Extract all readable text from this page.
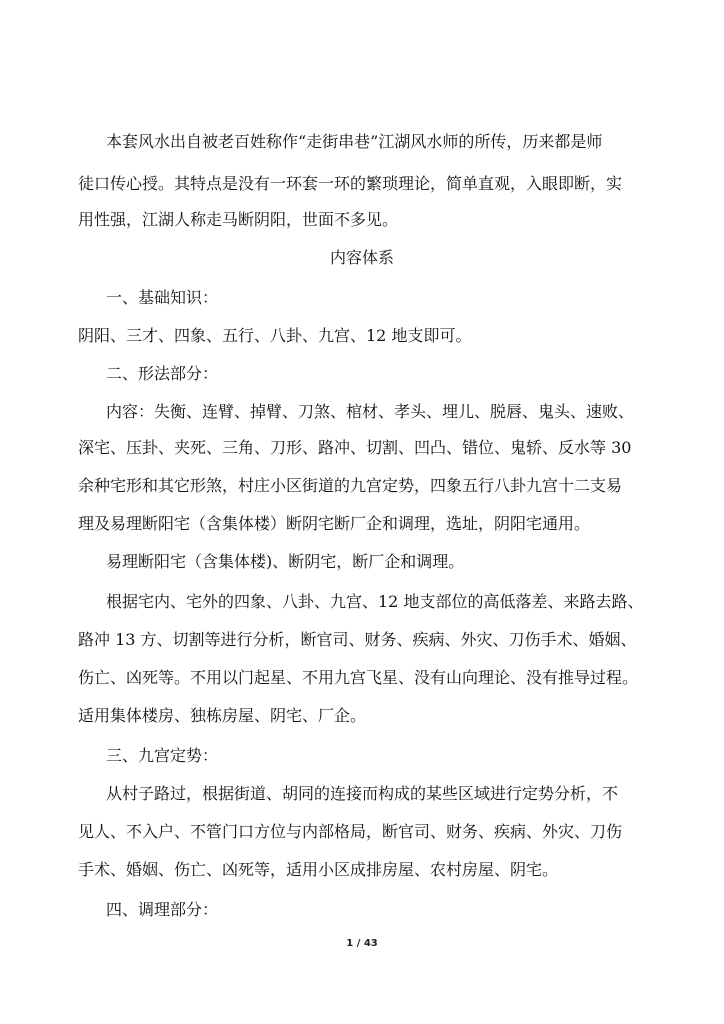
本套风水出自被老百姓称作“走街串巷”江湖风水师的所传，历来都是师
徒口传心授。其特点是没有一环套一环的繁琐理论，简单直观，入眼即断，实
用性强，江湖人称走马断阴阳，世面不多见。
内容体系
一、基础知识：
阴阳、三才、四象、五行、八卦、九宫、12 地支即可。
二、形法部分：
内容：失衡、连臂、掉臂、刀煞、棺材、孝头、埋儿、脱唇、鬼头、速败、
深宅、压卦、夹死、三角、刀形、路冲、切割、凹凸、错位、鬼轿、反水等 30
余种宅形和其它形煞，村庄小区街道的九宫定势，四象五行八卦九宫十二支易
理及易理断阳宅（含集体楼）断阴宅断厂企和调理，选址，阴阳宅通用。
易理断阳宅（含集体楼)、断阴宅，断厂企和调理。
根据宅内、宅外的四象、八卦、九宫、12 地支部位的高低落差、来路去路、
路冲 13 方、切割等进行分析，断官司、财务、疾病、外灾、刀伤手术、婚姻、
伤亡、凶死等。不用以门起星、不用九宫飞星、没有山向理论、没有推导过程。
适用集体楼房、独栋房屋、阴宅、厂企。
三、九宫定势：
从村子路过，根据街道、胡同的连接而构成的某些区域进行定势分析，不
见人、不入户、不管门口方位与内部格局，断官司、财务、疾病、外灾、刀伤
手术、婚姻、伤亡、凶死等，适用小区成排房屋、农村房屋、阴宅。
四、调理部分：
1 / 43
